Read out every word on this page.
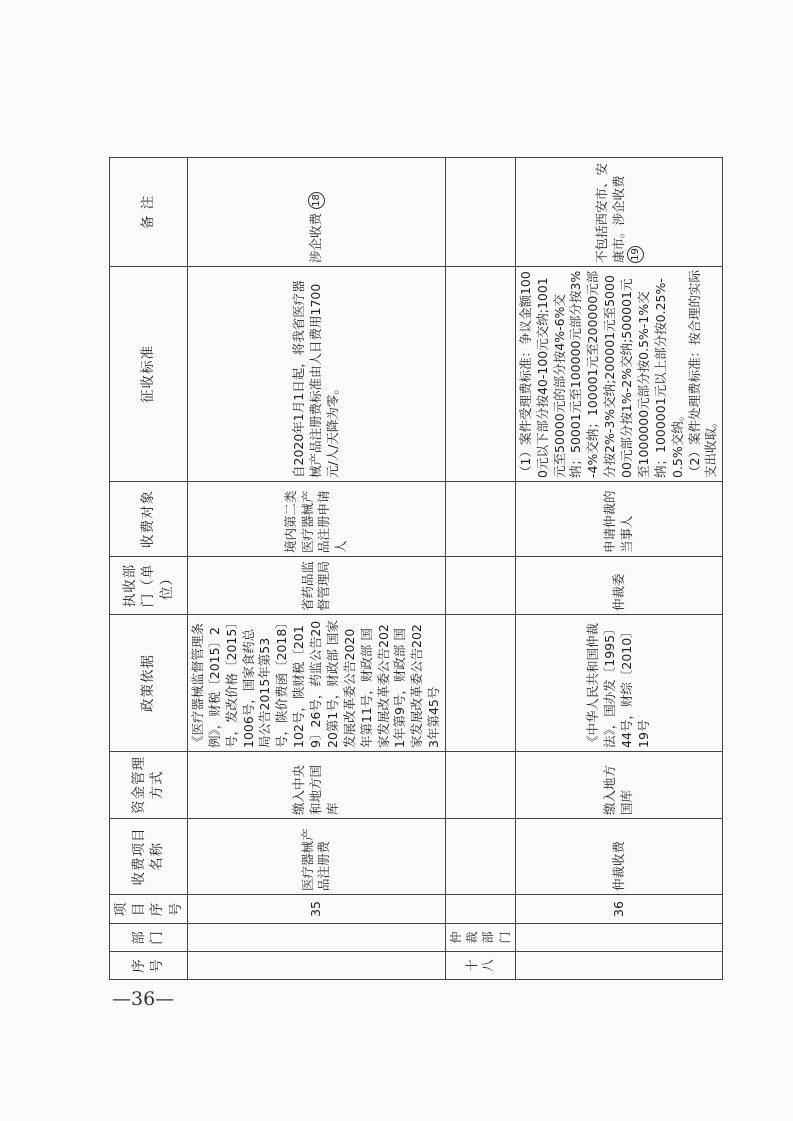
序号	部门	项目序号	收费项目名称	资金管理方式	政策依据	执收部门（单位）	收费对象	征收标准	备 注
		35	医疗器械产品注册费	缴入中央和地方国库	《医疗器械监督管理条例》，财税〔2015〕2号，发改价格〔2015〕1006号，国家食药总局公告2015年第53号，陕价费函〔2018〕102号，陕财税〔2019〕26号，药监公告2020第1号，财政部 国家发展改革委公告2020年第11号，财政部 国家发展改革委公告2021年第9号，财政部 国家发展改革委公告2023年第45号	省药品监督管理局	境内第二类医疗器械产品注册申请人	自2020年1月1日起，将我省医疗器械产品注册费标准由人日费用1700元/人/天降为零。	涉企收费 18
十八	仲裁部门								
		36	仲裁收费	缴入地方国库	《中华人民共和国仲裁法》，国办发〔1995〕44号，财综〔2010〕19号	仲裁委	申请仲裁的当事人	（1）案件受理费标准：争议金额1000元以下部分按40-100元交纳;1001元至50000元的部分按4%-6%交纳；50001元至100000元部分按3%-4%交纳；100001元至200000元部分按2%-3%交纳;200001元至500000元部分按1%-2%交纳;500001元至1000000元部分按0.5%-1%交纳；1000001元以上部分按0.25%-0.5%交纳。 （2）案件处理费标准：按合理的实际支出收取。	不包括西安市、安康市。涉企收费 19
—36—
